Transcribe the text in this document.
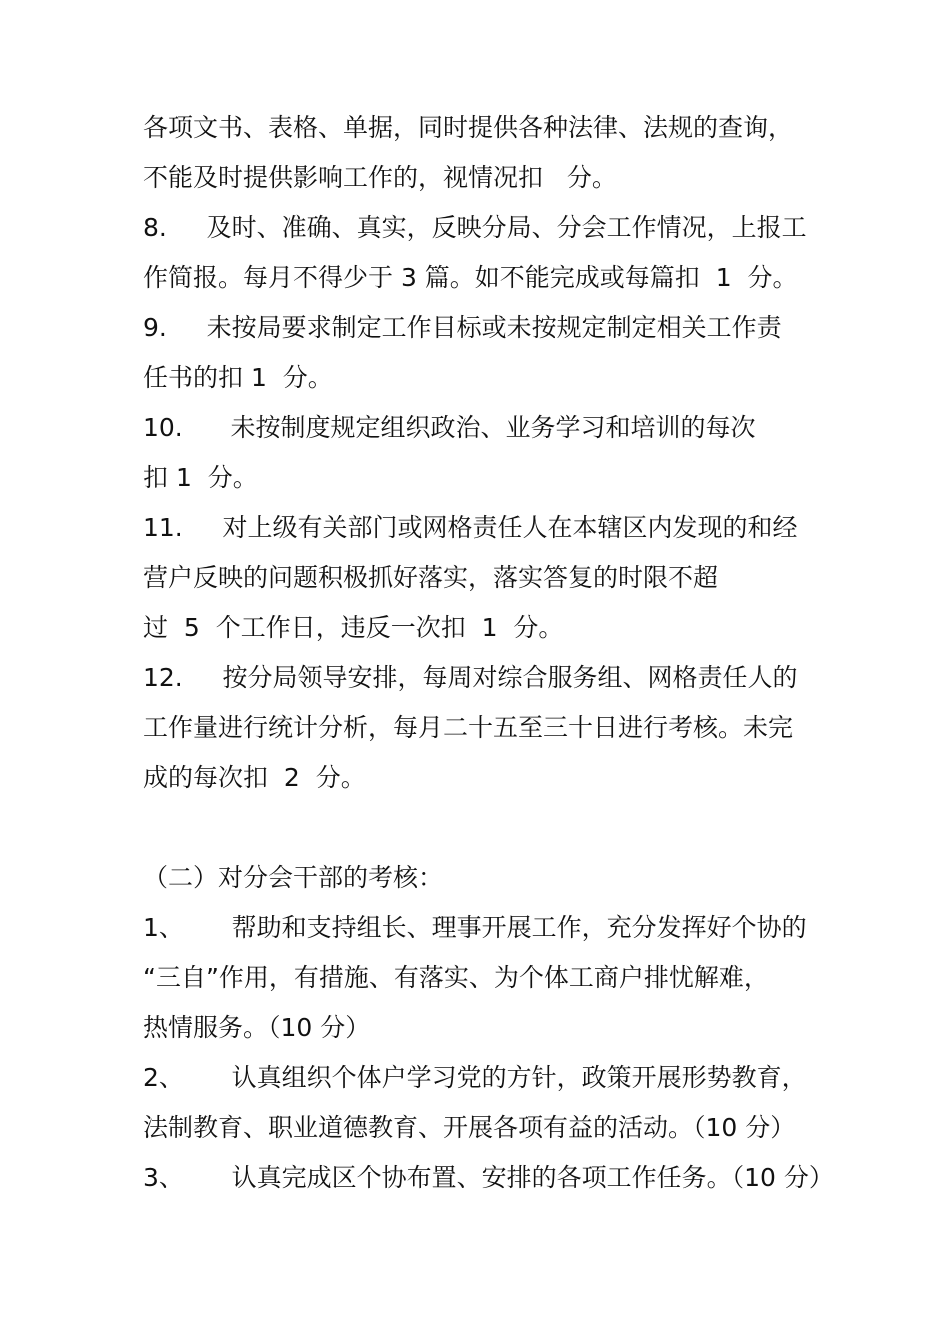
各项文书、表格、单据，同时提供各种法律、法规的查询，
不能及时提供影响工作的，视情况扣   分。
8.     及时、准确、真实，反映分局、分会工作情况，上报工
作简报。每月不得少于 3 篇。如不能完成或每篇扣  1  分。
9.     未按局要求制定工作目标或未按规定制定相关工作责
任书的扣 1  分。
10.      未按制度规定组织政治、业务学习和培训的每次
扣 1  分。
11.     对上级有关部门或网格责任人在本辖区内发现的和经
营户反映的问题积极抓好落实，落实答复的时限不超
过  5  个工作日，违反一次扣  1  分。
12.     按分局领导安排，每周对综合服务组、网格责任人的
工作量进行统计分析，每月二十五至三十日进行考核。未完
成的每次扣  2  分。
（二）对分会干部的考核：
1、      帮助和支持组长、理事开展工作，充分发挥好个协的
“三自”作用，有措施、有落实、为个体工商户排忧解难，
热情服务。（10 分）
2、      认真组织个体户学习党的方针，政策开展形势教育，
法制教育、职业道德教育、开展各项有益的活动。（10 分）
3、      认真完成区个协布置、安排的各项工作任务。（10 分）
